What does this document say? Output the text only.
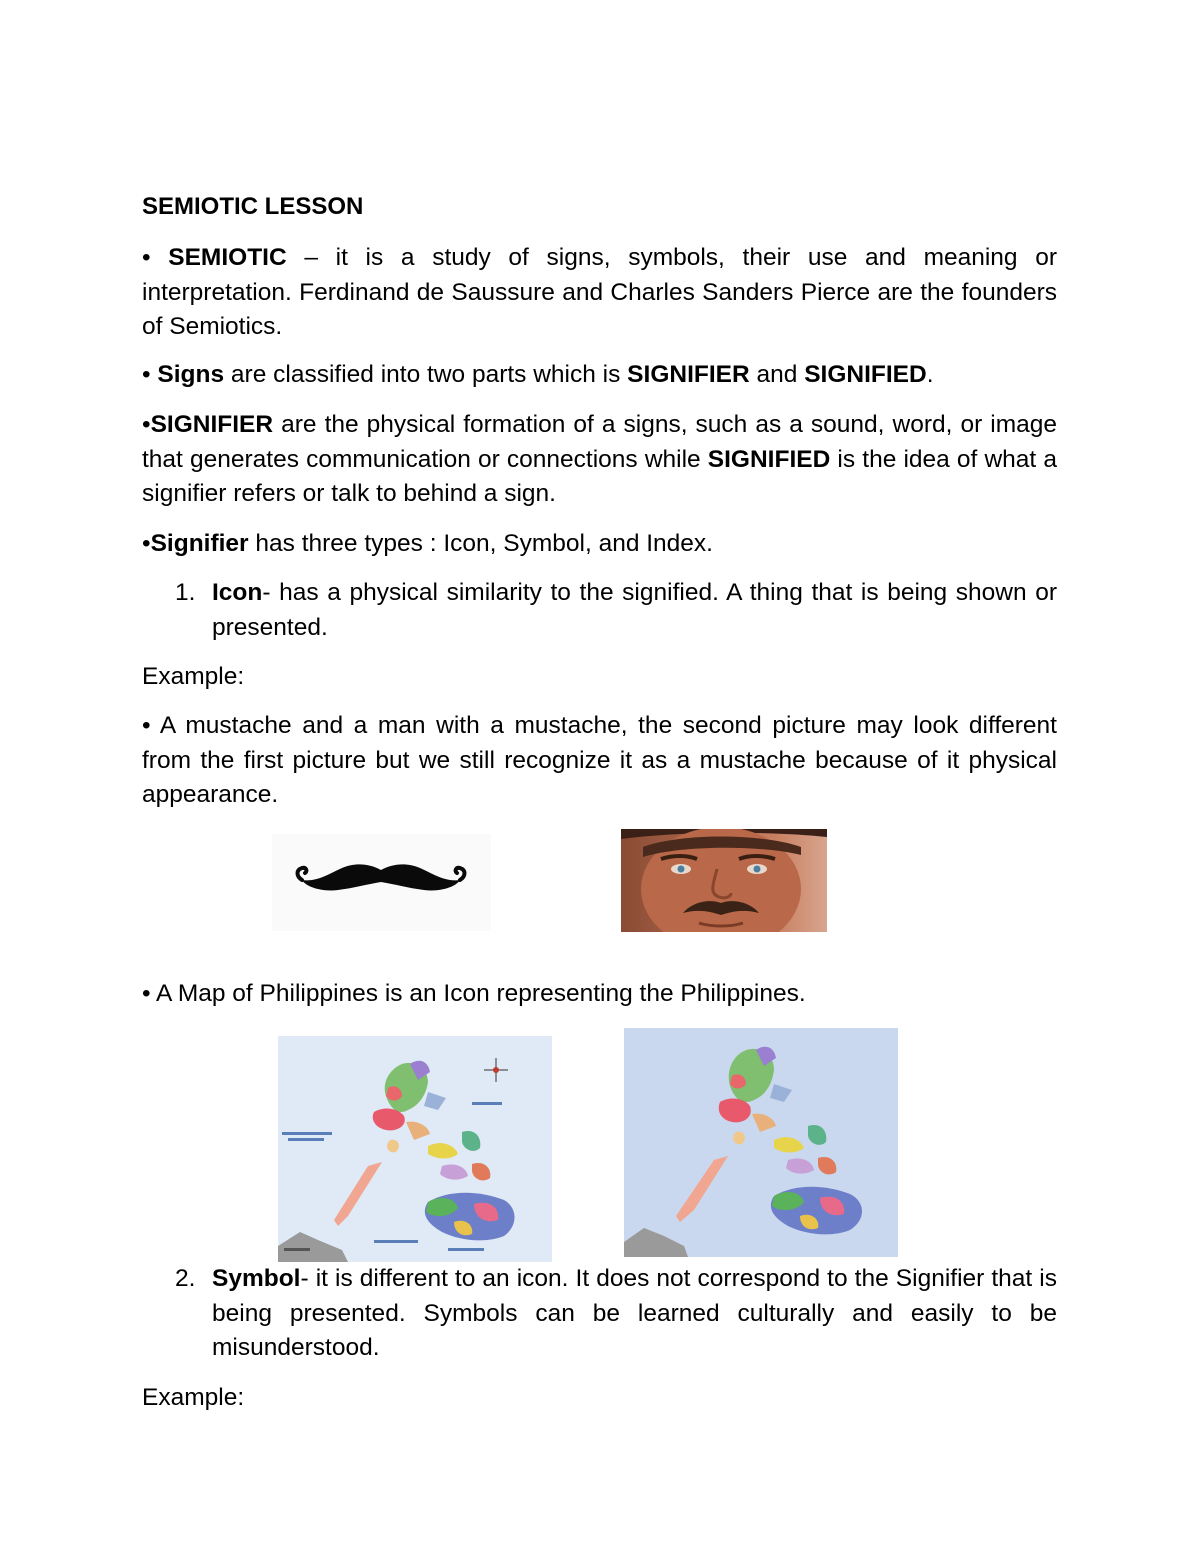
SEMIOTIC LESSON

• SEMIOTIC – it is a study of signs, symbols, their use and meaning or interpretation. Ferdinand de Saussure and Charles Sanders Pierce are the founders of Semiotics.

• Signs are classified into two parts which is SIGNIFIER and SIGNIFIED.

•SIGNIFIER are the physical formation of a signs, such as a sound, word, or image that generates communication or connections while SIGNIFIED is the idea of what a signifier refers or talk to behind a sign.

•Signifier has three types : Icon, Symbol, and Index.

1. Icon- has a physical similarity to the signified. A thing that is being shown or presented.

Example:

• A mustache and a man with a mustache, the second picture may look different from the first picture but we still recognize it as a mustache because of it physical appearance.

• A Map of Philippines is an Icon representing the Philippines.

2. Symbol- it is different to an icon. It does not correspond to the Signifier that is being presented. Symbols can be learned culturally and easily to be misunderstood.

Example:
